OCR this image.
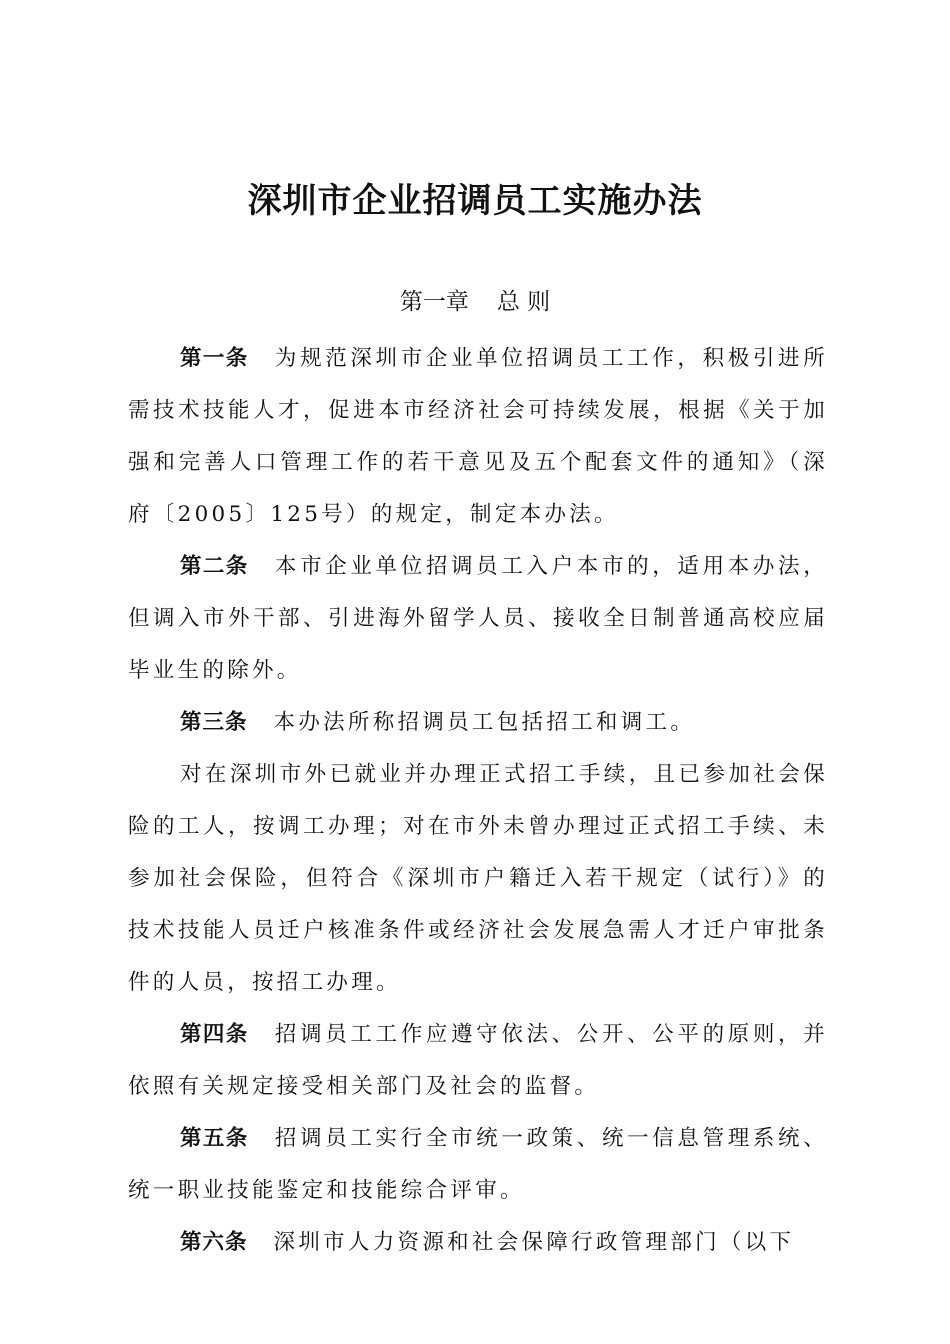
深圳市企业招调员工实施办法
第一章 总 则

第一条 为规范深圳市企业单位招调员工工作，积极引进所需技术技能人才，促进本市经济社会可持续发展，根据《关于加强和完善人口管理工作的若干意见及五个配套文件的通知》（深府〔2005〕125号）的规定，制定本办法。

第二条 本市企业单位招调员工入户本市的，适用本办法，但调入市外干部、引进海外留学人员、接收全日制普通高校应届毕业生的除外。

第三条 本办法所称招调员工包括招工和调工。

对在深圳市外已就业并办理正式招工手续，且已参加社会保险的工人，按调工办理；对在市外未曾办理过正式招工手续、未参加社会保险，但符合《深圳市户籍迁入若干规定（试行）》的技术技能人员迁户核准条件或经济社会发展急需人才迁户审批条件的人员，按招工办理。

第四条 招调员工工作应遵守依法、公开、公平的原则，并依照有关规定接受相关部门及社会的监督。

第五条 招调员工实行全市统一政策、统一信息管理系统、统一职业技能鉴定和技能综合评审。

第六条 深圳市人力资源和社会保障行政管理部门（以下
